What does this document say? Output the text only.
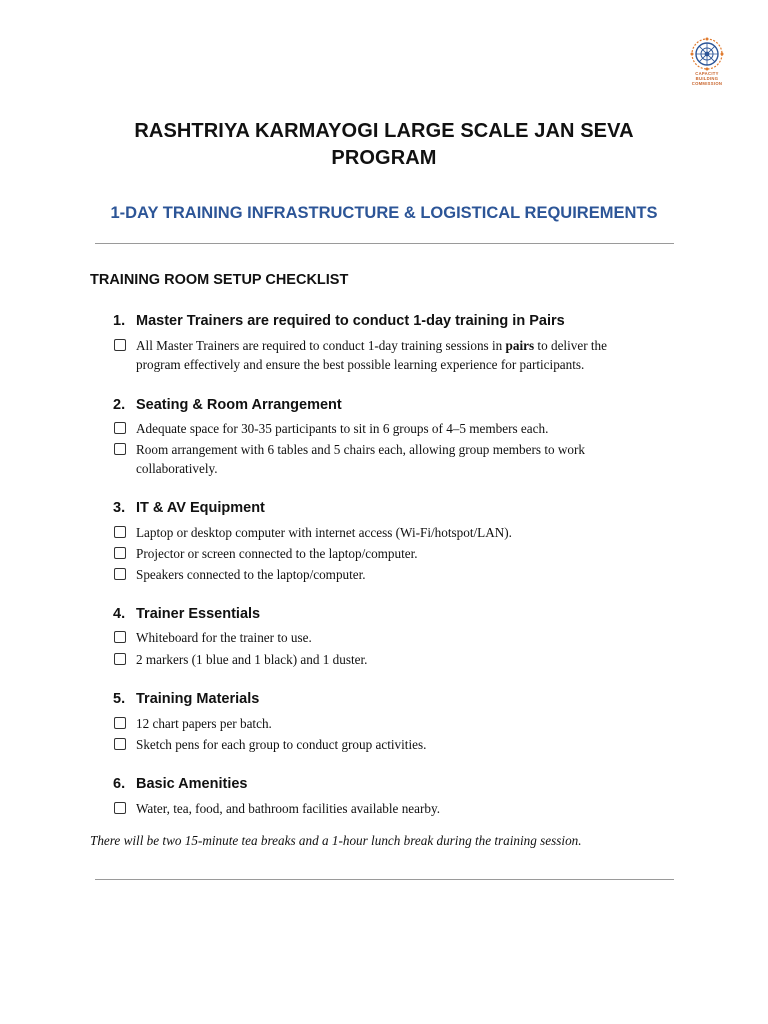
CAPACITY
BUILDING
COMMISSION
RASHTRIYA KARMAYOGI LARGE SCALE JAN SEVA
PROGRAM
1-DAY TRAINING INFRASTRUCTURE & LOGISTICAL REQUIREMENTS
TRAINING ROOM SETUP CHECKLIST
1. Master Trainers are required to conduct 1-day training in Pairs
All Master Trainers are required to conduct 1-day training sessions in pairs to deliver the program effectively and ensure the best possible learning experience for participants.
2. Seating & Room Arrangement
Adequate space for 30-35 participants to sit in 6 groups of 4–5 members each.
Room arrangement with 6 tables and 5 chairs each, allowing group members to work collaboratively.
3. IT & AV Equipment
Laptop or desktop computer with internet access (Wi-Fi/hotspot/LAN).
Projector or screen connected to the laptop/computer.
Speakers connected to the laptop/computer.
4. Trainer Essentials
Whiteboard for the trainer to use.
2 markers (1 blue and 1 black) and 1 duster.
5. Training Materials
12 chart papers per batch.
Sketch pens for each group to conduct group activities.
6. Basic Amenities
Water, tea, food, and bathroom facilities available nearby.
There will be two 15-minute tea breaks and a 1-hour lunch break during the training session.
